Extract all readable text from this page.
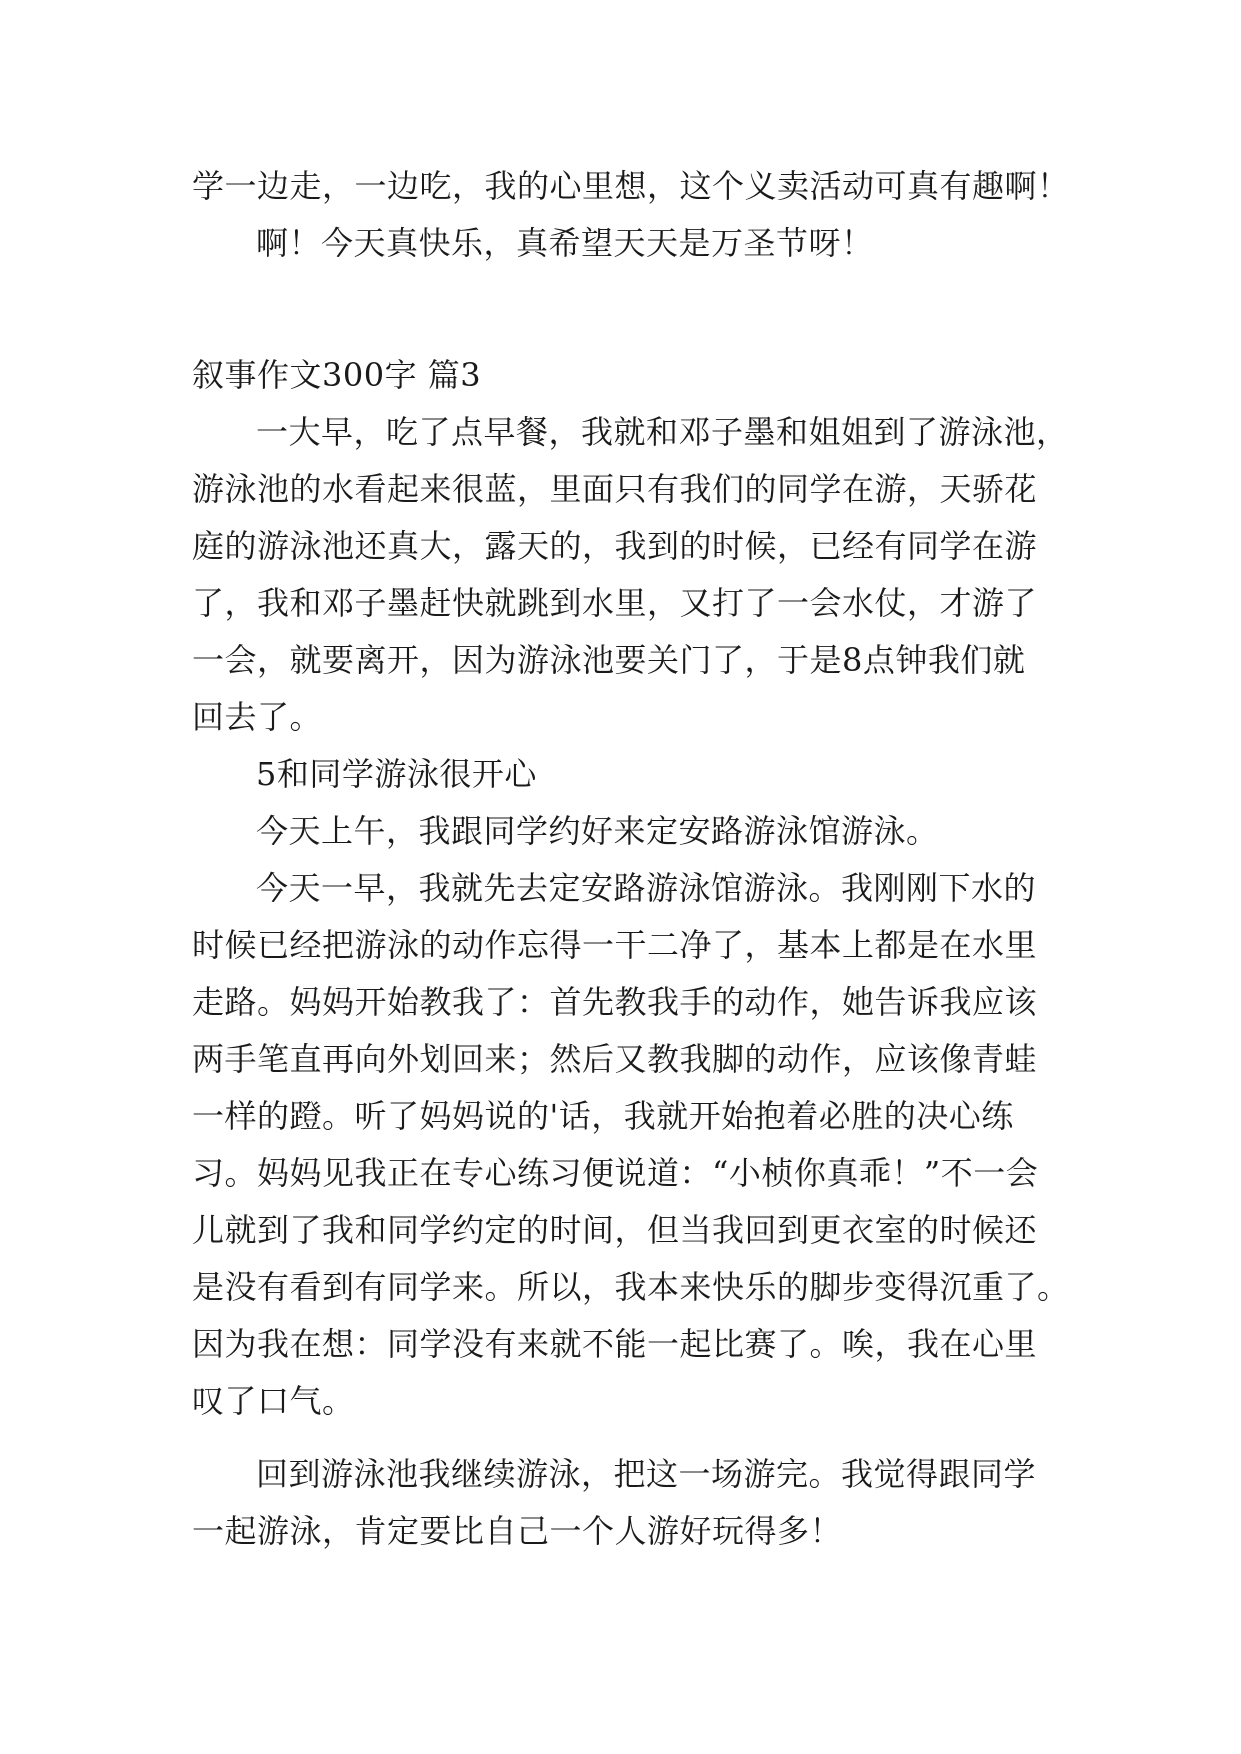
学一边走，一边吃，我的心里想，这个义卖活动可真有趣啊！
啊！今天真快乐，真希望天天是万圣节呀！
叙事作文300字 篇3
一大早，吃了点早餐，我就和邓子墨和姐姐到了游泳池，
游泳池的水看起来很蓝，里面只有我们的同学在游，天骄花
庭的游泳池还真大，露天的，我到的时候，已经有同学在游
了，我和邓子墨赶快就跳到水里，又打了一会水仗，才游了
一会，就要离开，因为游泳池要关门了，于是8点钟我们就
回去了。
5和同学游泳很开心
今天上午，我跟同学约好来定安路游泳馆游泳。
今天一早，我就先去定安路游泳馆游泳。我刚刚下水的
时候已经把游泳的动作忘得一干二净了，基本上都是在水里
走路。妈妈开始教我了：首先教我手的动作，她告诉我应该
两手笔直再向外划回来；然后又教我脚的动作，应该像青蛙
一样的蹬。听了妈妈说的'话，我就开始抱着必胜的决心练
习。妈妈见我正在专心练习便说道：“小桢你真乖！”不一会
儿就到了我和同学约定的时间，但当我回到更衣室的时候还
是没有看到有同学来。所以，我本来快乐的脚步变得沉重了。
因为我在想：同学没有来就不能一起比赛了。唉，我在心里
叹了口气。
回到游泳池我继续游泳，把这一场游完。我觉得跟同学
一起游泳，肯定要比自己一个人游好玩得多！
